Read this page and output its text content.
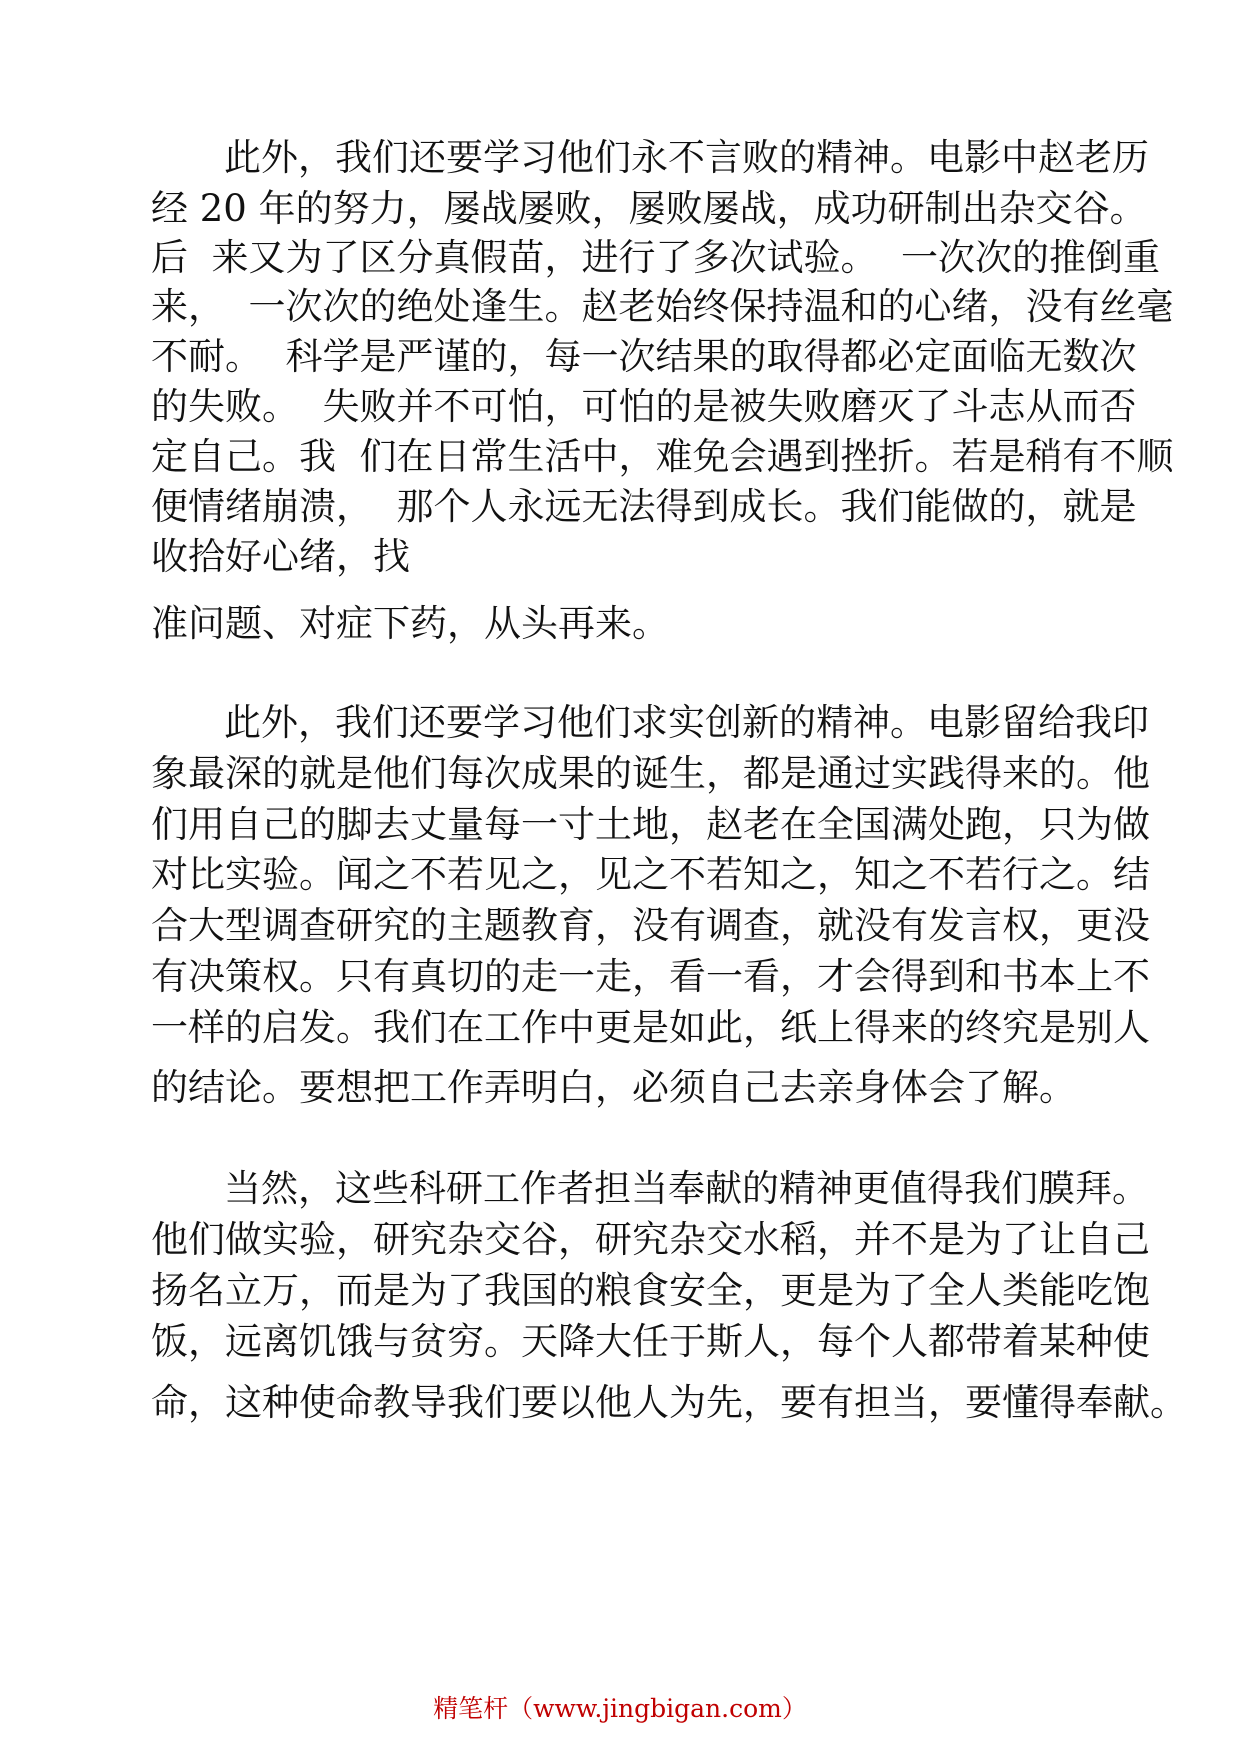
此外，我们还要学习他们永不言败的精神。电影中赵老历
经 20 年的努力，屡战屡败，屡败屡战，成功研制出杂交谷。
后  来又为了区分真假苗，进行了多次试验。  一次次的推倒重
来，  一次次的绝处逢生。赵老始终保持温和的心绪，没有丝毫
不耐。  科学是严谨的，每一次结果的取得都必定面临无数次
的失败。  失败并不可怕，可怕的是被失败磨灭了斗志从而否
定自己。我  们在日常生活中，难免会遇到挫折。若是稍有不顺
便情绪崩溃，  那个人永远无法得到成长。我们能做的，就是
收拾好心绪，找
准问题、对症下药，从头再来。
此外，我们还要学习他们求实创新的精神。电影留给我印
象最深的就是他们每次成果的诞生，都是通过实践得来的。他
们用自己的脚去丈量每一寸土地，赵老在全国满处跑，只为做
对比实验。闻之不若见之，见之不若知之，知之不若行之。结
合大型调查研究的主题教育，没有调查，就没有发言权，更没
有决策权。只有真切的走一走，看一看，才会得到和书本上不
一样的启发。我们在工作中更是如此，纸上得来的终究是别人
的结论。要想把工作弄明白，必须自己去亲身体会了解。
当然，这些科研工作者担当奉献的精神更值得我们膜拜。
他们做实验，研究杂交谷，研究杂交水稻，并不是为了让自己
扬名立万，而是为了我国的粮食安全，更是为了全人类能吃饱
饭，远离饥饿与贫穷。天降大任于斯人，每个人都带着某种使
命，这种使命教导我们要以他人为先，要有担当，要懂得奉献。
精笔杆（www.jingbigan.com）
